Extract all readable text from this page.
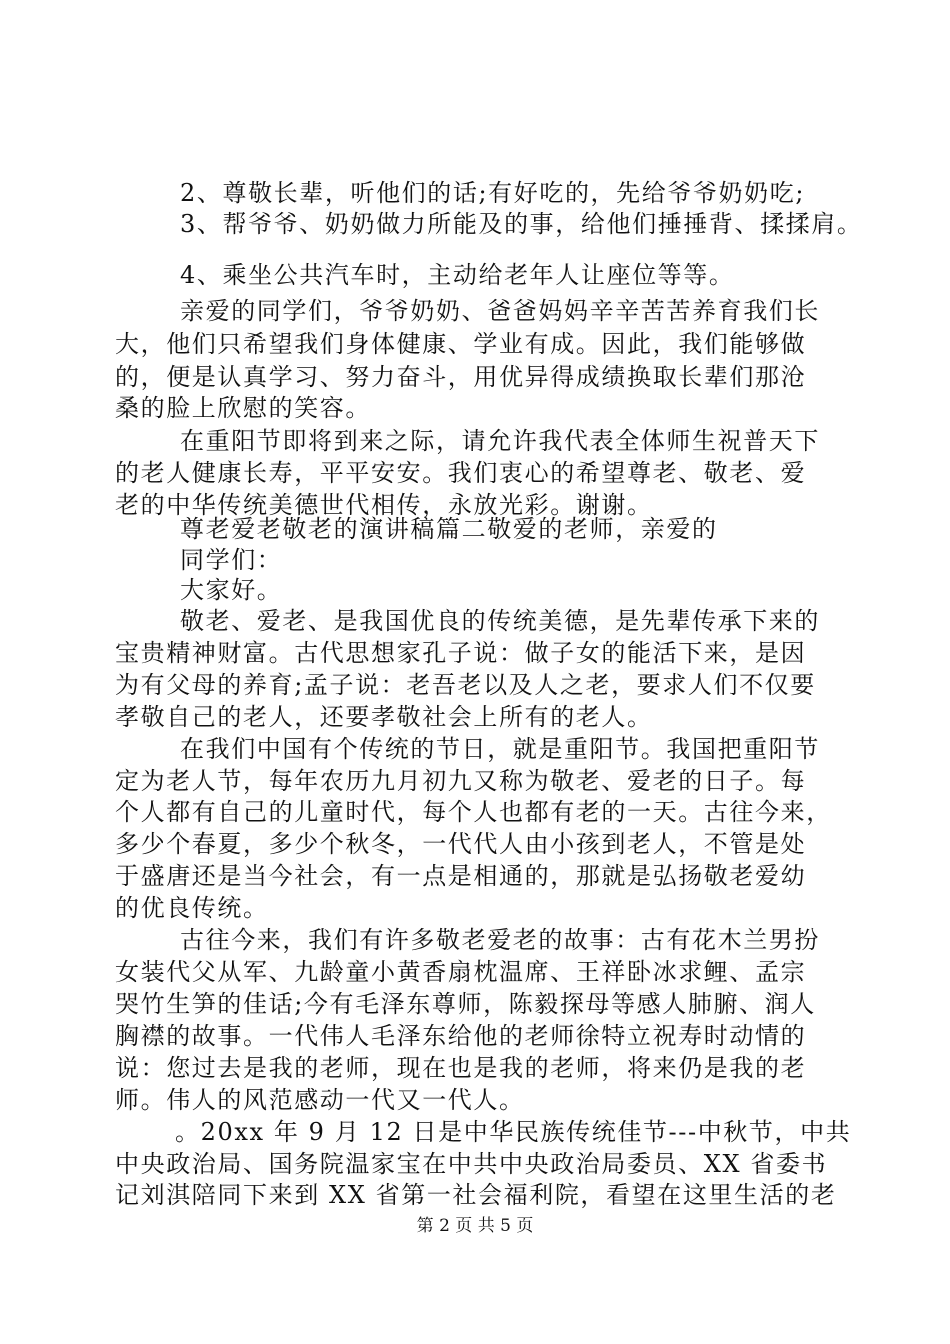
2、尊敬长辈，听他们的话;有好吃的，先给爷爷奶奶吃;
3、帮爷爷、奶奶做力所能及的事，给他们捶捶背、揉揉肩。
4、乘坐公共汽车时，主动给老年人让座位等等。
亲爱的同学们，爷爷奶奶、爸爸妈妈辛辛苦苦养育我们长
大，他们只希望我们身体健康、学业有成。因此，我们能够做
的，便是认真学习、努力奋斗，用优异得成绩换取长辈们那沧
桑的脸上欣慰的笑容。
在重阳节即将到来之际，请允许我代表全体师生祝普天下
的老人健康长寿，平平安安。我们衷心的希望尊老、敬老、爱
老的中华传统美德世代相传，永放光彩。谢谢。
尊老爱老敬老的演讲稿篇二敬爱的老师，亲爱的
同学们：
大家好。
敬老、爱老、是我国优良的传统美德，是先辈传承下来的
宝贵精神财富。古代思想家孔子说：做子女的能活下来，是因
为有父母的养育;孟子说：老吾老以及人之老，要求人们不仅要
孝敬自己的老人，还要孝敬社会上所有的老人。
在我们中国有个传统的节日，就是重阳节。我国把重阳节
定为老人节，每年农历九月初九又称为敬老、爱老的日子。每
个人都有自己的儿童时代，每个人也都有老的一天。古往今来，
多少个春夏，多少个秋冬，一代代人由小孩到老人，不管是处
于盛唐还是当今社会，有一点是相通的，那就是弘扬敬老爱幼
的优良传统。
古往今来，我们有许多敬老爱老的故事：古有花木兰男扮
女装代父从军、九龄童小黄香扇枕温席、王祥卧冰求鲤、孟宗
哭竹生笋的佳话;今有毛泽东尊师，陈毅探母等感人肺腑、润人
胸襟的故事。一代伟人毛泽东给他的老师徐特立祝寿时动情的
说：您过去是我的老师，现在也是我的老师，将来仍是我的老
师。伟人的风范感动一代又一代人。
。20xx 年 9 月 12 日是中华民族传统佳节---中秋节，中共
中央政治局、国务院温家宝在中共中央政治局委员、XX 省委书
记刘淇陪同下来到 XX 省第一社会福利院，看望在这里生活的老
第 2 页 共 5 页
